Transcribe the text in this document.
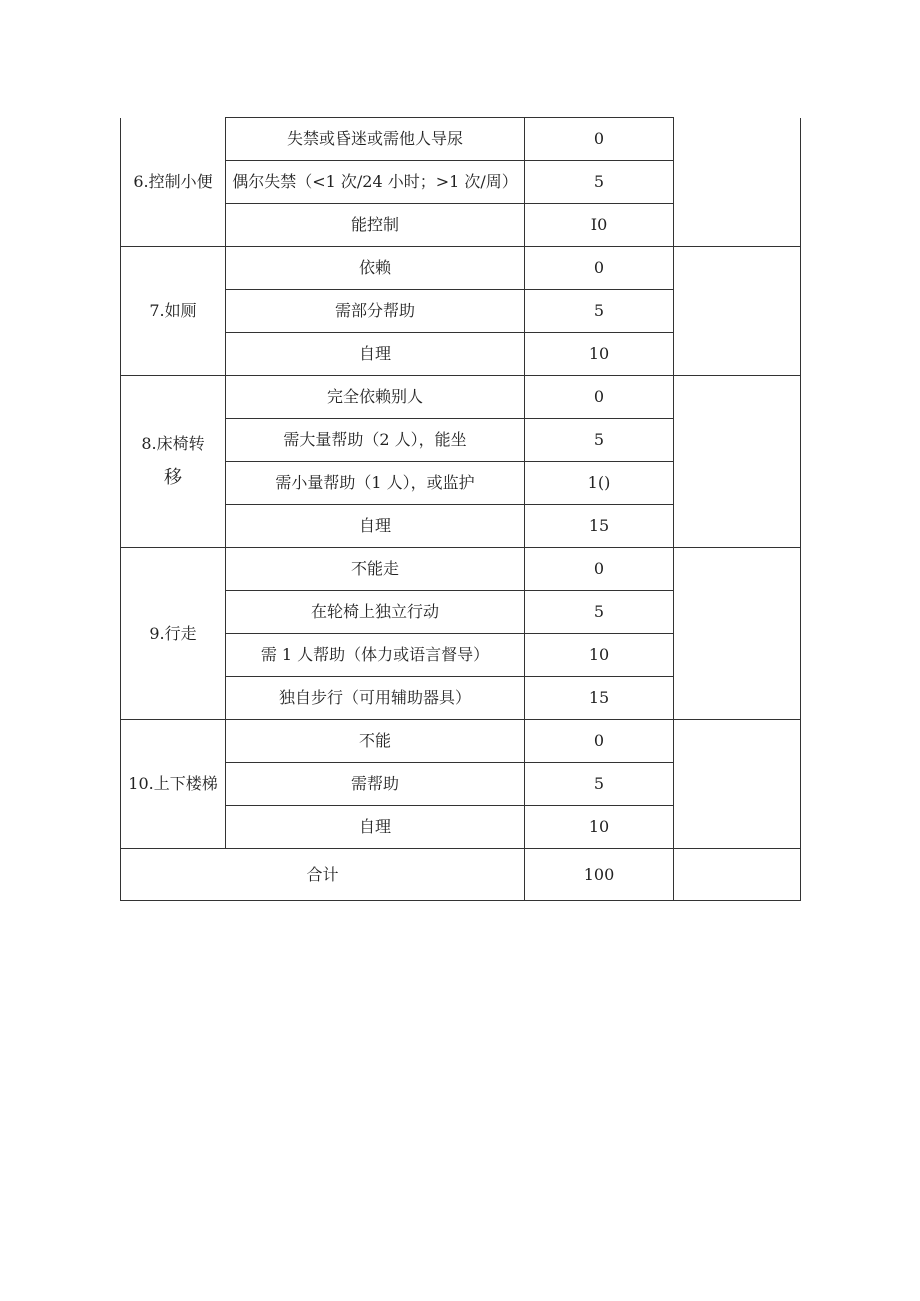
6.控制小便	失禁或昏迷或需他人导尿	0	
	偶尔失禁（<1 次/24 小时；>1 次/周）	5	
	能控制	I0	
7.如厕	依赖	0	
	需部分帮助	5	
	自理	10	

8.床椅转
移	完全依赖别人	0	
	需大量帮助（2 人），能坐	5	
	需小量帮助（1 人），或监护	1()	
	自理	15	
9.行走	不能走	0	
	在轮椅上独立行动	5	
	需 1 人帮助（体力或语言督导）	10	
	独自步行（可用辅助器具）	15	
10.上下楼梯	不能	0	
	需帮助	5	
	自理	10	
合计		100	
